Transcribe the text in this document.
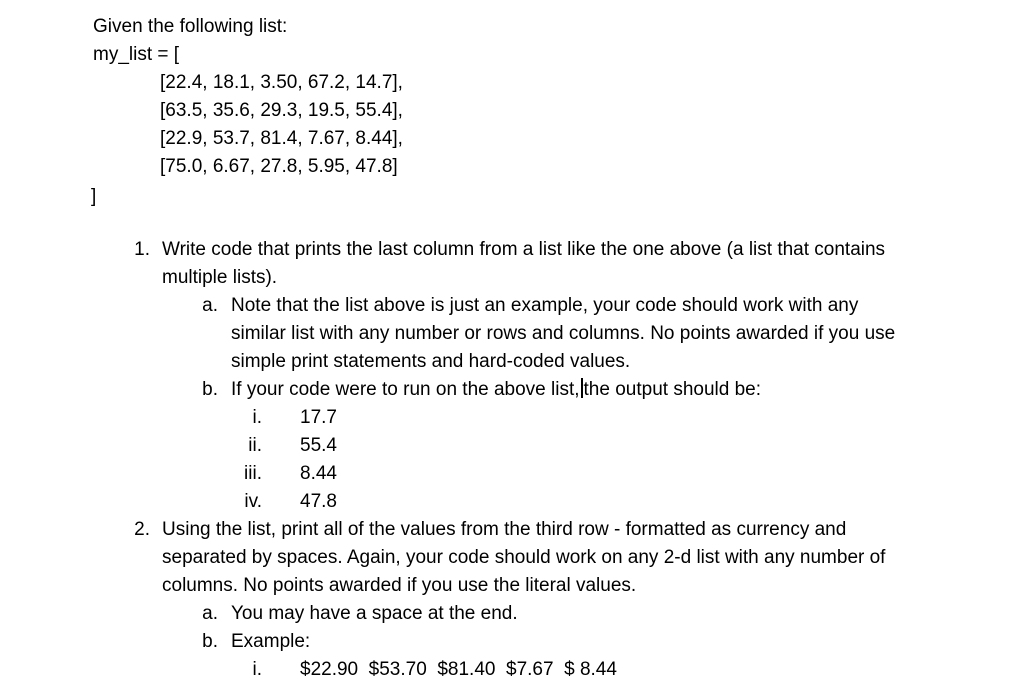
Given the following list:
my_list = [
[22.4, 18.1, 3.50, 67.2, 14.7],
[63.5, 35.6, 29.3, 19.5, 55.4],
[22.9, 53.7, 81.4, 7.67, 8.44],
[75.0, 6.67, 27.8, 5.95, 47.8]
]
1. Write code that prints the last column from a list like the one above (a list that contains
multiple lists).
a. Note that the list above is just an example, your code should work with any
similar list with any number or rows and columns. No points awarded if you use
simple print statements and hard-coded values.
b. If your code were to run on the above list, the output should be:
i. 17.7
ii. 55.4
iii. 8.44
iv. 47.8
2. Using the list, print all of the values from the third row - formatted as currency and
separated by spaces. Again, your code should work on any 2-d list with any number of
columns. No points awarded if you use the literal values.
a. You may have a space at the end.
b. Example:
i. $22.90  $53.70  $81.40  $7.67  $ 8.44
